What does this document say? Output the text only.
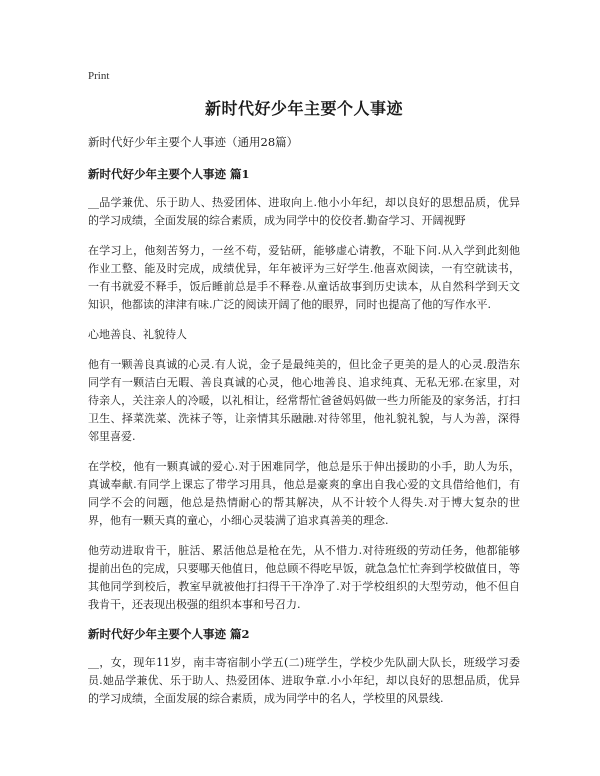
Print
新时代好少年主要个人事迹
新时代好少年主要个人事迹（通用28篇）
新时代好少年主要个人事迹 篇1

__品学兼优、乐于助人、热爱团体、进取向上.他小小年纪，却以良好的思想品质，优异的学习成绩，全面发展的综合素质，成为同学中的佼佼者.勤奋学习、开阔视野

在学习上，他刻苦努力，一丝不苟，爱钻研，能够虚心请教，不耻下问.从入学到此刻他作业工整、能及时完成，成绩优异，年年被评为三好学生.他喜欢阅读，一有空就读书，一有书就爱不释手，饭后睡前总是手不释卷.从童话故事到历史读本，从自然科学到天文知识，他都读的津津有味.广泛的阅读开阔了他的眼界，同时也提高了他的写作水平.

心地善良、礼貌待人

他有一颗善良真诚的心灵.有人说，金子是最纯美的，但比金子更美的是人的心灵.殷浩东同学有一颗洁白无暇、善良真诚的心灵，他心地善良、追求纯真、无私无邪.在家里，对待亲人，关注亲人的冷暖，以礼相让，经常帮忙爸爸妈妈做一些力所能及的家务活，打扫卫生、择菜洗菜、洗袜子等，让亲情其乐融融.对待邻里，他礼貌礼貌，与人为善，深得邻里喜爱.

在学校，他有一颗真诚的爱心.对于困难同学，他总是乐于伸出援助的小手，助人为乐，真诚奉献.有同学上课忘了带学习用具，他总是豪爽的拿出自我心爱的文具借给他们，有同学不会的问题，他总是热情耐心的帮其解决，从不计较个人得失.对于博大复杂的世界，他有一颗天真的童心，小细心灵装满了追求真善美的理念.

他劳动进取肯干，脏活、累活他总是枪在先，从不惜力.对待班级的劳动任务，他都能够提前出色的完成，只要哪天他值日，他总顾不得吃早饭，就急急忙忙奔到学校做值日，等其他同学到校后，教室早就被他打扫得干干净净了.对于学校组织的大型劳动，他不但自我肯干，还表现出极强的组织本事和号召力.

新时代好少年主要个人事迹 篇2

__，女，现年11岁，南丰寄宿制小学五(二)班学生，学校少先队副大队长，班级学习委员.她品学兼优、乐于助人、热爱团体、进取争章.小小年纪，却以良好的思想品质，优异的学习成绩，全面发展的综合素质，成为同学中的名人，学校里的风景线.
